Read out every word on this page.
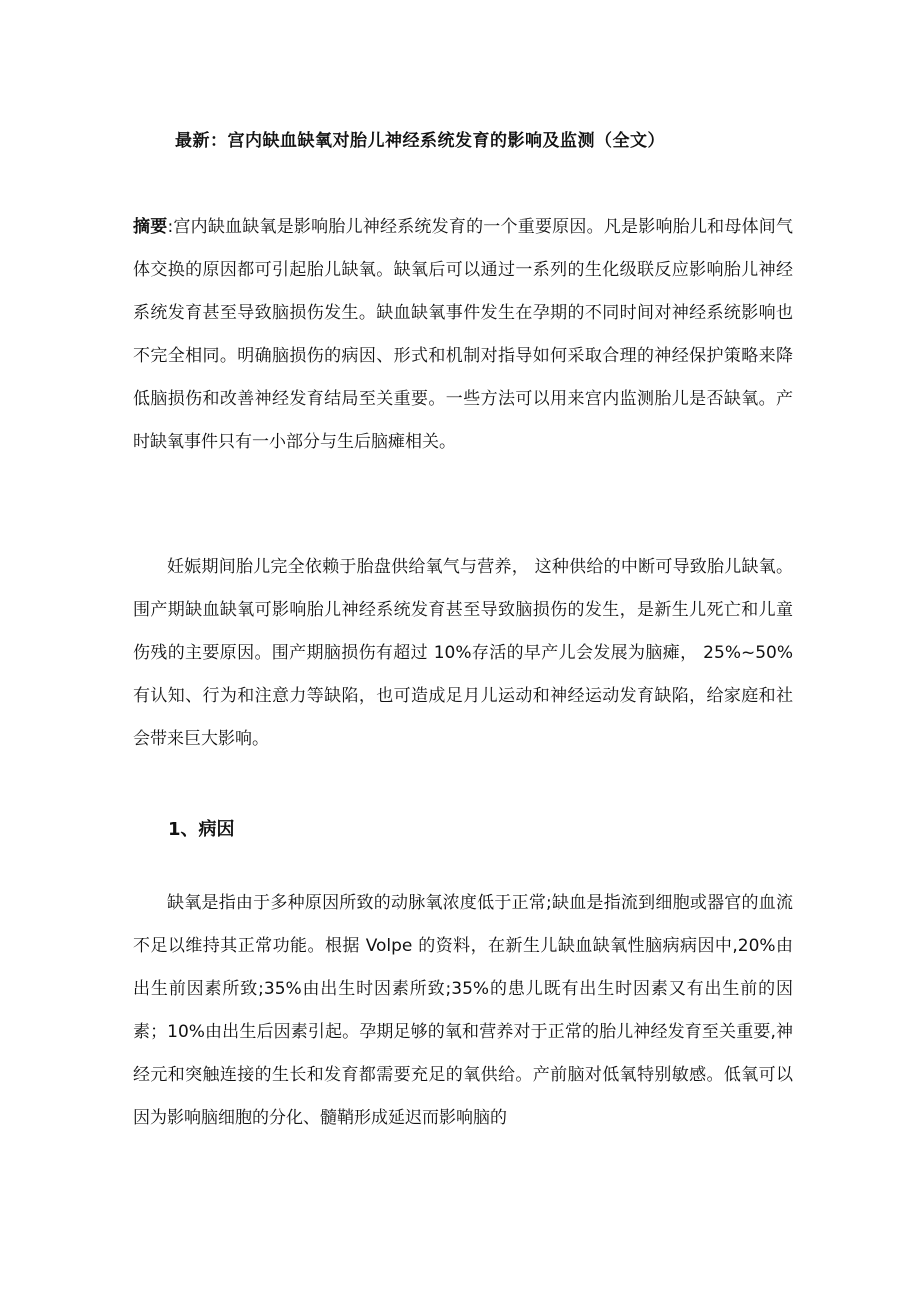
最新：宫内缺血缺氧对胎儿神经系统发育的影响及监测（全文）

摘要:宫内缺血缺氧是影响胎儿神经系统发育的一个重要原因。凡是影响胎儿和母体间气体交换的原因都可引起胎儿缺氧。缺氧后可以通过一系列的生化级联反应影响胎儿神经系统发育甚至导致脑损伤发生。缺血缺氧事件发生在孕期的不同时间对神经系统影响也不完全相同。明确脑损伤的病因、形式和机制对指导如何采取合理的神经保护策略来降低脑损伤和改善神经发育结局至关重要。一些方法可以用来宫内监测胎儿是否缺氧。产时缺氧事件只有一小部分与生后脑瘫相关。

妊娠期间胎儿完全依赖于胎盘供给氧气与营养， 这种供给的中断可导致胎儿缺氧。围产期缺血缺氧可影响胎儿神经系统发育甚至导致脑损伤的发生，是新生儿死亡和儿童伤残的主要原因。围产期脑损伤有超过 10%存活的早产儿会发展为脑瘫， 25%~50%有认知、行为和注意力等缺陷，也可造成足月儿运动和神经运动发育缺陷，给家庭和社会带来巨大影响。

1、病因

缺氧是指由于多种原因所致的动脉氧浓度低于正常;缺血是指流到细胞或器官的血流不足以维持其正常功能。根据 Volpe 的资料，在新生儿缺血缺氧性脑病病因中,20%由出生前因素所致;35%由出生时因素所致;35%的患儿既有出生时因素又有出生前的因素；10%由出生后因素引起。孕期足够的氧和营养对于正常的胎儿神经发育至关重要,神经元和突触连接的生长和发育都需要充足的氧供给。产前脑对低氧特别敏感。低氧可以因为影响脑细胞的分化、髓鞘形成延迟而影响脑的
